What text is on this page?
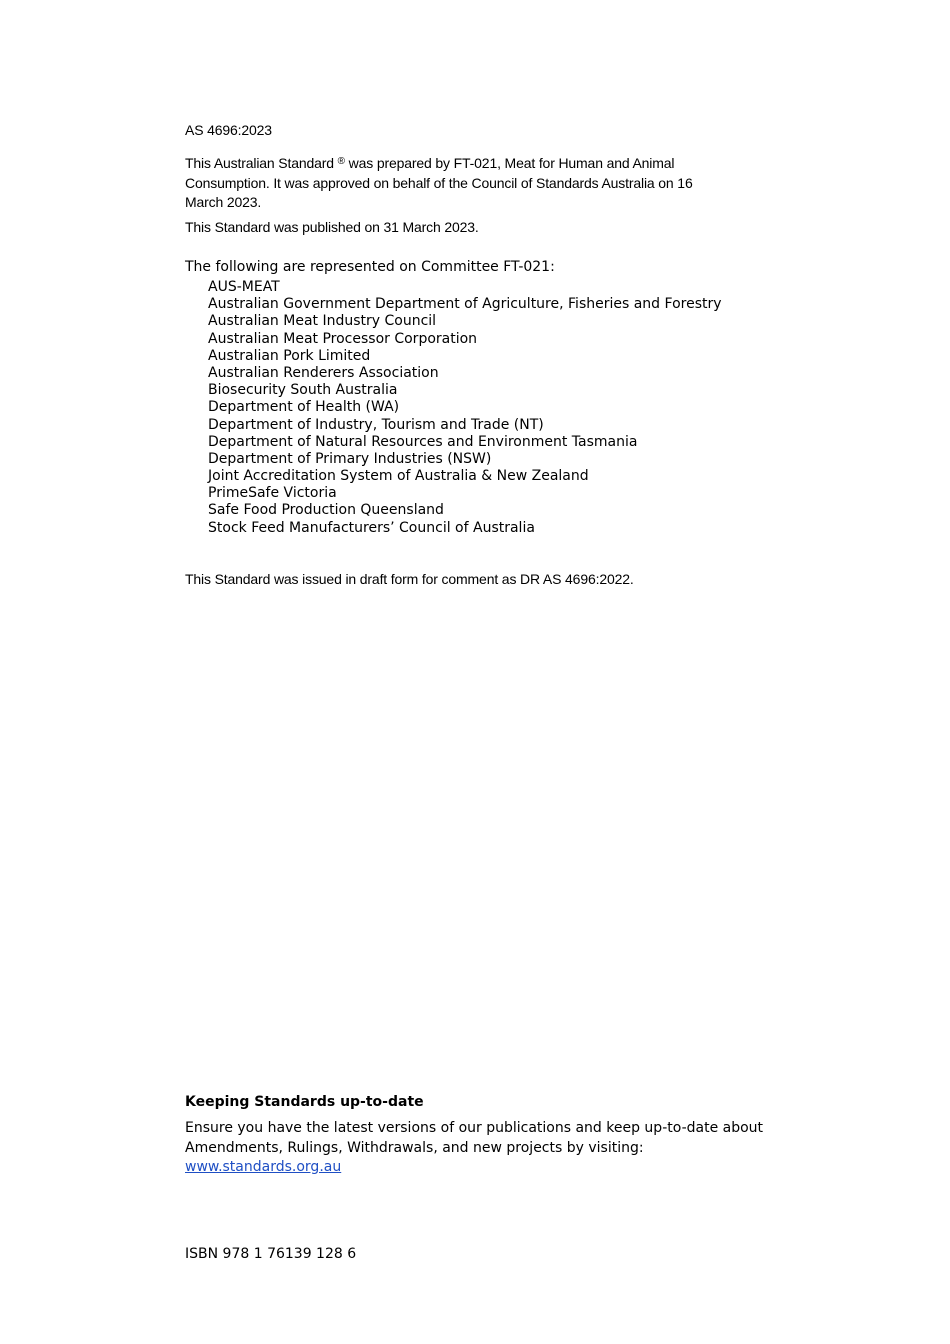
AS 4696:2023
This Australian Standard ® was prepared by FT-021, Meat for Human and Animal Consumption. It was approved on behalf of the Council of Standards Australia on 16 March 2023.
This Standard was published on 31 March 2023.
The following are represented on Committee FT-021:
AUS-MEAT
Australian Government Department of Agriculture, Fisheries and Forestry
Australian Meat Industry Council
Australian Meat Processor Corporation
Australian Pork Limited
Australian Renderers Association
Biosecurity South Australia
Department of Health (WA)
Department of Industry, Tourism and Trade (NT)
Department of Natural Resources and Environment Tasmania
Department of Primary Industries (NSW)
Joint Accreditation System of Australia & New Zealand
PrimeSafe Victoria
Safe Food Production Queensland
Stock Feed Manufacturers’ Council of Australia
This Standard was issued in draft form for comment as DR AS 4696:2022.
Keeping Standards up-to-date
Ensure you have the latest versions of our publications and keep up-to-date about
Amendments, Rulings, Withdrawals, and new projects by visiting:
www.standards.org.au
ISBN 978 1 76139 128 6
